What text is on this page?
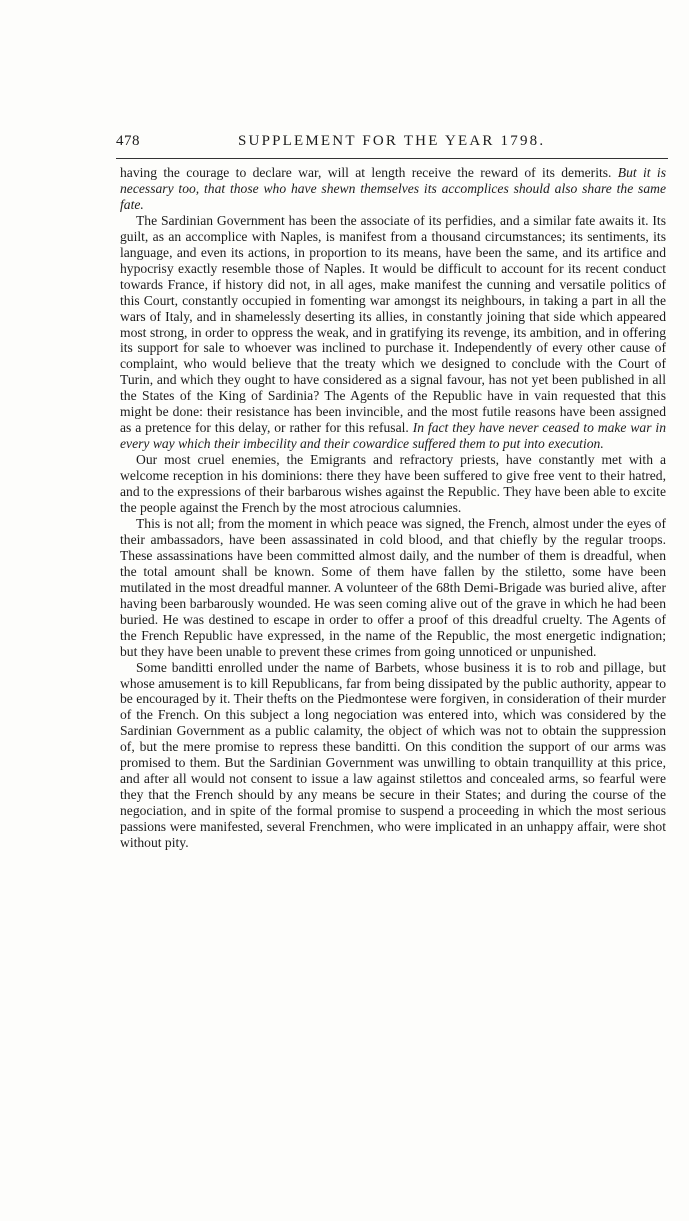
478	SUPPLEMENT FOR THE YEAR 1798.

having the courage to declare war, will at length receive the reward of its demerits. But it is necessary too, that those who have shewn themselves its accomplices should also share the same fate.

The Sardinian Government has been the associate of its perfidies, and a similar fate awaits it. Its guilt, as an accomplice with Naples, is manifest from a thousand circumstances; its sentiments, its language, and even its actions, in proportion to its means, have been the same, and its artifice and hypocrisy exactly resemble those of Naples. It would be difficult to account for its recent conduct towards France, if history did not, in all ages, make manifest the cunning and versatile politics of this Court, constantly occupied in fomenting war amongst its neighbours, in taking a part in all the wars of Italy, and in shamelessly deserting its allies, in constantly joining that side which appeared most strong, in order to oppress the weak, and in gratifying its revenge, its ambition, and in offering its support for sale to whoever was inclined to purchase it. Independently of every other cause of complaint, who would believe that the treaty which we designed to conclude with the Court of Turin, and which they ought to have considered as a signal favour, has not yet been published in all the States of the King of Sardinia? The Agents of the Republic have in vain requested that this might be done: their resistance has been invincible, and the most futile reasons have been assigned as a pretence for this delay, or rather for this refusal. In fact they have never ceased to make war in every way which their imbecility and their cowardice suffered them to put into execution.

Our most cruel enemies, the Emigrants and refractory priests, have constantly met with a welcome reception in his dominions: there they have been suffered to give free vent to their hatred, and to the expressions of their barbarous wishes against the Republic. They have been able to excite the people against the French by the most atrocious calumnies.

This is not all; from the moment in which peace was signed, the French, almost under the eyes of their ambassadors, have been assassinated in cold blood, and that chiefly by the regular troops. These assassinations have been committed almost daily, and the number of them is dreadful, when the total amount shall be known. Some of them have fallen by the stiletto, some have been mutilated in the most dreadful manner. A volunteer of the 68th Demi-Brigade was buried alive, after having been barbarously wounded. He was seen coming alive out of the grave in which he had been buried. He was destined to escape in order to offer a proof of this dreadful cruelty. The Agents of the French Republic have expressed, in the name of the Republic, the most energetic indignation; but they have been unable to prevent these crimes from going unnoticed or unpunished.

Some banditti enrolled under the name of Barbets, whose business it is to rob and pillage, but whose amusement is to kill Republicans, far from being dissipated by the public authority, appear to be encouraged by it. Their thefts on the Piedmontese were forgiven, in consideration of their murder of the French. On this subject a long negociation was entered into, which was considered by the Sardinian Government as a public calamity, the object of which was not to obtain the suppression of, but the mere promise to repress these banditti. On this condition the support of our arms was promised to them. But the Sardinian Government was unwilling to obtain tranquillity at this price, and after all would not consent to issue a law against stilettos and concealed arms, so fearful were they that the French should by any means be secure in their States; and during the course of the negociation, and in spite of the formal promise to suspend a proceeding in which the most serious passions were manifested, several Frenchmen, who were implicated in an unhappy affair, were shot without pity.
